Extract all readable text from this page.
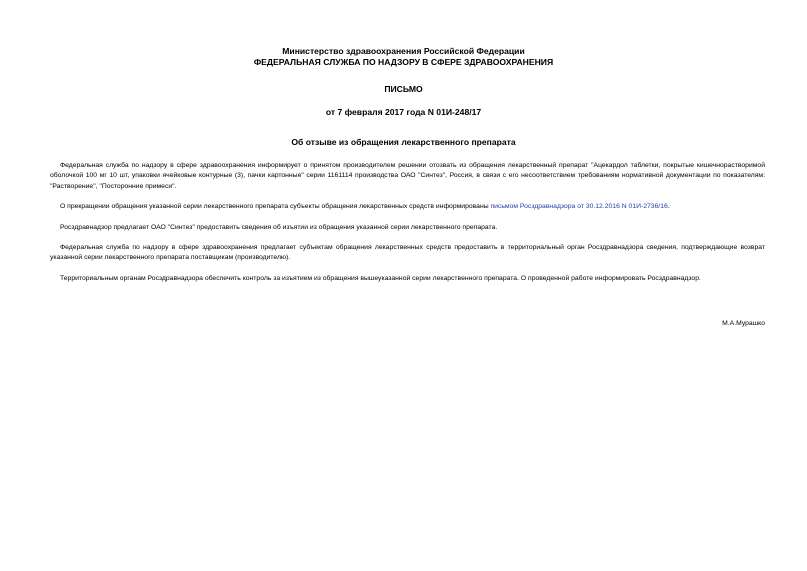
Министерство здравоохранения Российской Федерации
ФЕДЕРАЛЬНАЯ СЛУЖБА ПО НАДЗОРУ В СФЕРЕ ЗДРАВООХРАНЕНИЯ
ПИСЬМО
от 7 февраля 2017 года N 01И-248/17
Об отзыве из обращения лекарственного препарата

Федеральная служба по надзору в сфере здравоохранения информирует о принятом производителем решении отозвать из обращения лекарственный препарат "Ацекардол таблетки, покрытые кишечнорастворимой оболочкой 100 мг 10 шт, упаковки ячейковые контурные (3), пачки картонные" серии 1161114 производства ОАО "Синтез", Россия, в связи с его несоответствием требованиям нормативной документации по показателям: "Растворение", "Посторонние примеси".

О прекращении обращения указанной серии лекарственного препарата субъекты обращения лекарственных средств информированы письмом Росздравнадзора от 30.12.2016 N 01И-2736/16.

Росздравнадзор предлагает ОАО "Синтез" предоставить сведения об изъятии из обращения указанной серии лекарственного препарата.

Федеральная служба по надзору в сфере здравоохранения предлагает субъектам обращения лекарственных средств предоставить в территориальный орган Росздравнадзора сведения, подтверждающие возврат указанной серии лекарственного препарата поставщикам (производителю).

Территориальным органам Росздравнадзора обеспечить контроль за изъятием из обращения вышеуказанной серии лекарственного препарата. О проведенной работе информировать Росздравнадзор.

М.А.Мурашко
